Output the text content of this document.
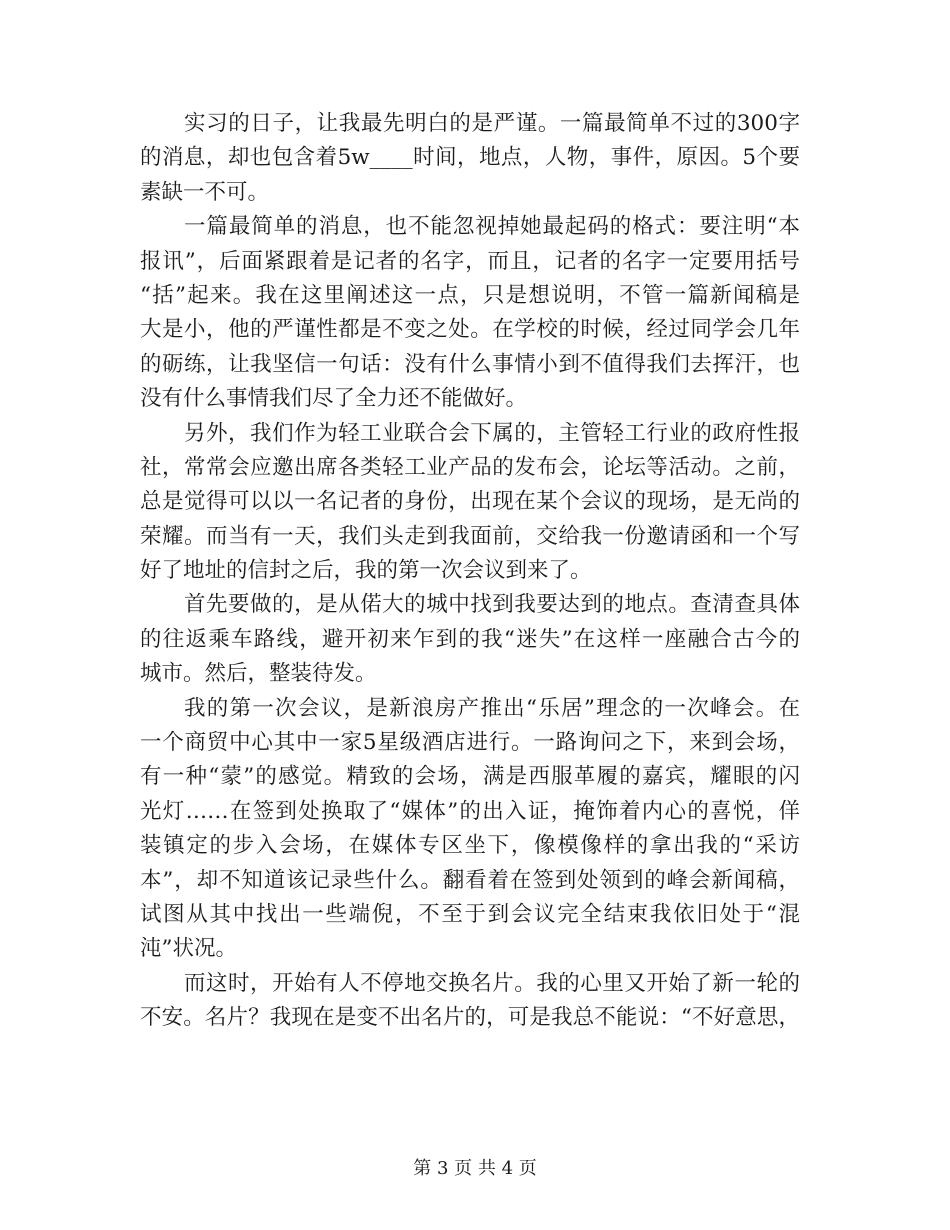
实习的日子，让我最先明白的是严谨。一篇最简单不过的300字
的消息，却也包含着5w____时间，地点，人物，事件，原因。5个要
素缺一不可。
一篇最简单的消息，也不能忽视掉她最起码的格式：要注明“本
报讯”，后面紧跟着是记者的名字，而且，记者的名字一定要用括号
“括”起来。我在这里阐述这一点，只是想说明，不管一篇新闻稿是
大是小，他的严谨性都是不变之处。在学校的时候，经过同学会几年
的砺练，让我坚信一句话：没有什么事情小到不值得我们去挥汗，也
没有什么事情我们尽了全力还不能做好。
另外，我们作为轻工业联合会下属的，主管轻工行业的政府性报
社，常常会应邀出席各类轻工业产品的发布会，论坛等活动。之前，
总是觉得可以以一名记者的身份，出现在某个会议的现场，是无尚的
荣耀。而当有一天，我们头走到我面前，交给我一份邀请函和一个写
好了地址的信封之后，我的第一次会议到来了。
首先要做的，是从偌大的城中找到我要达到的地点。查清查具体
的往返乘车路线，避开初来乍到的我“迷失”在这样一座融合古今的
城市。然后，整装待发。
我的第一次会议，是新浪房产推出“乐居”理念的一次峰会。在
一个商贸中心其中一家5星级酒店进行。一路询问之下，来到会场，
有一种“蒙”的感觉。精致的会场，满是西服革履的嘉宾，耀眼的闪
光灯……在签到处换取了“媒体”的出入证，掩饰着内心的喜悦，佯
装镇定的步入会场，在媒体专区坐下，像模像样的拿出我的“采访
本”，却不知道该记录些什么。翻看着在签到处领到的峰会新闻稿，
试图从其中找出一些端倪，不至于到会议完全结束我依旧处于“混
沌”状况。
而这时，开始有人不停地交换名片。我的心里又开始了新一轮的
不安。名片？我现在是变不出名片的，可是我总不能说：“不好意思，
第 3 页 共 4 页
